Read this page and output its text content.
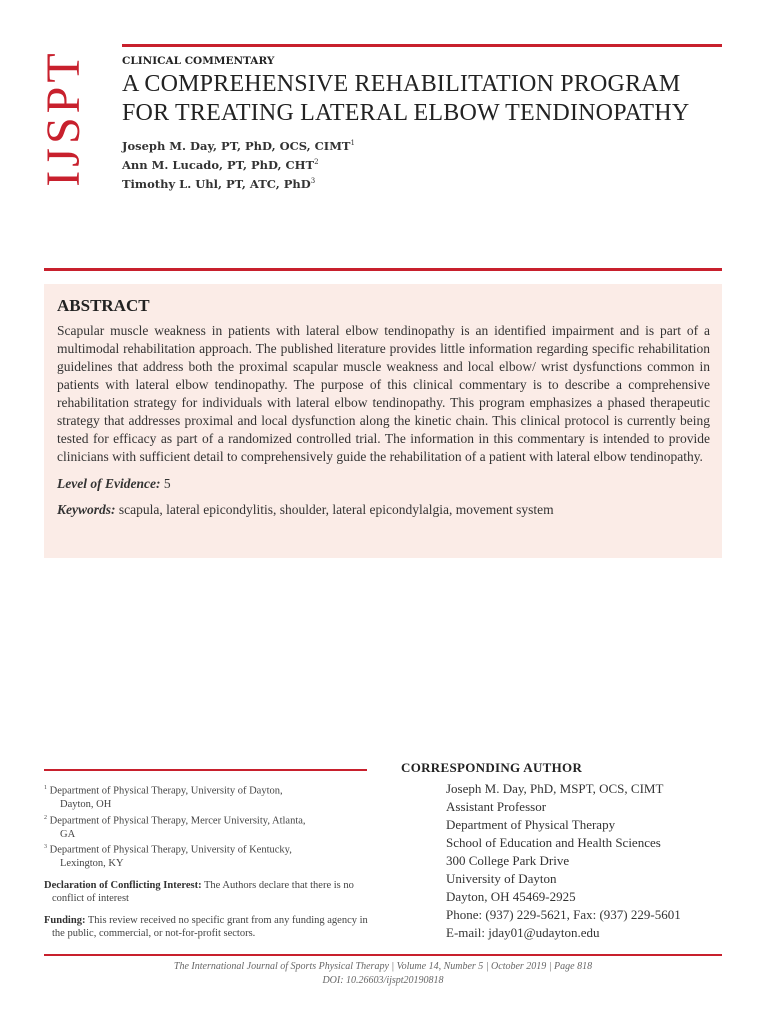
IJSPT	CLINICAL COMMENTARY
A COMPREHENSIVE REHABILITATION PROGRAM
FOR TREATING LATERAL ELBOW TENDINOPATHY
Joseph M. Day, PT, PhD, OCS, CIMT$^1$
Ann M. Lucado, PT, PhD, CHT$^2$
Timothy L. Uhl, PT, ATC, PhD$^3$
ABSTRACT
Scapular muscle weakness in patients with lateral elbow tendinopathy is an identified impairment and is part of a multimodal rehabilitation approach. The published literature provides little information regarding specific rehabilitation guidelines that address both the proximal scapular muscle weakness and local elbow/ wrist dysfunctions common in patients with lateral elbow tendinopathy. The purpose of this clinical commentary is to describe a comprehensive rehabilitation strategy for individuals with lateral elbow tendinopathy. This program emphasizes a phased therapeutic strategy that addresses proximal and local dysfunction along the kinetic chain. This clinical protocol is currently being tested for efficacy as part of a randomized controlled trial. The information in this commentary is intended to provide clinicians with sufficient detail to comprehensively guide the rehabilitation of a patient with lateral elbow tendinopathy.
Level of Evidence: 5
Keywords: scapula, lateral epicondylitis, shoulder, lateral epicondylalgia, movement system
$^1$ Department of Physical Therapy, University of Dayton,
Dayton, OH
$^2$ Department of Physical Therapy, Mercer University, Atlanta,
GA
$^3$ Department of Physical Therapy, University of Kentucky,
Lexington, KY
Declaration of Conflicting Interest: The Authors declare that there is no conflict of interest
Funding: This review received no specific grant from any funding agency in the public, commercial, or not-for-profit sectors.
CORRESPONDING AUTHOR
Joseph M. Day, PhD, MSPT, OCS, CIMT
Assistant Professor
Department of Physical Therapy
School of Education and Health Sciences
300 College Park Drive
University of Dayton
Dayton, OH 45469-2925
Phone: (937) 229-5621, Fax: (937) 229-5601
E-mail: jday01@udayton.edu
The International Journal of Sports Physical Therapy | Volume 14, Number 5 | October 2019 | Page 818
DOI: 10.26603/ijspt20190818
